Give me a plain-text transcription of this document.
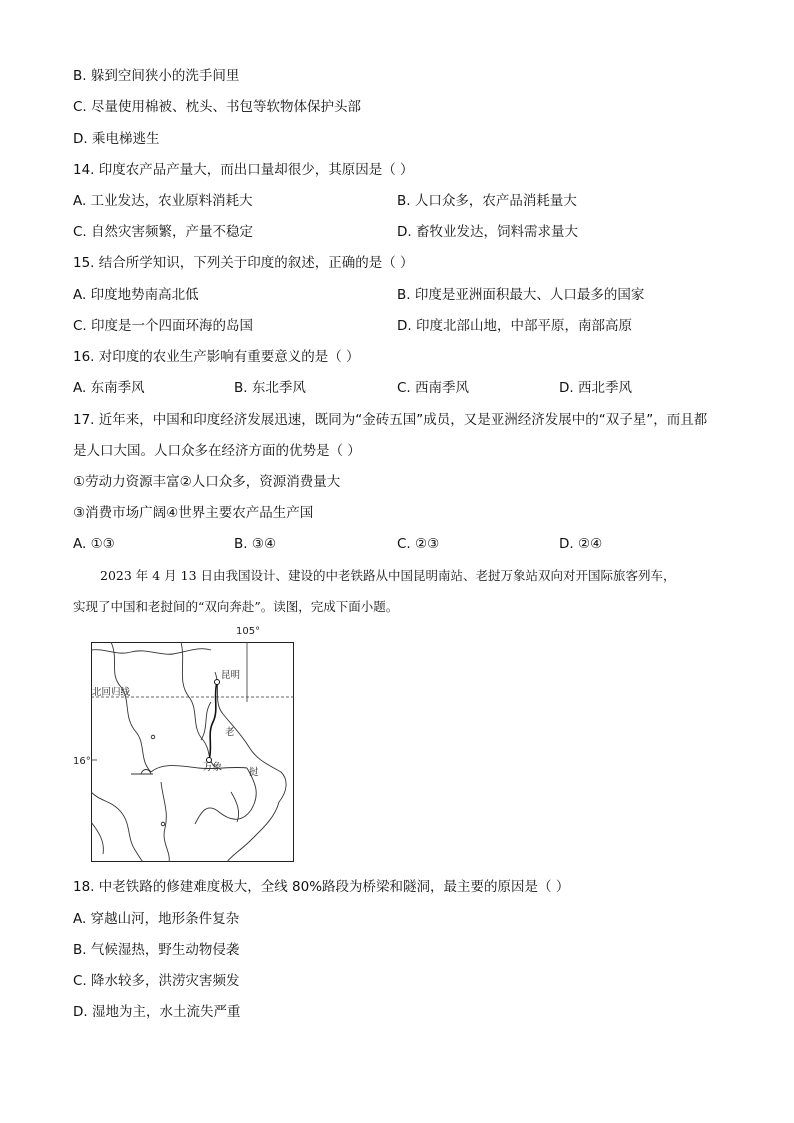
B. 躲到空间狭小的洗手间里
C. 尽量使用棉被、枕头、书包等软物体保护头部
D. 乘电梯逃生
14. 印度农产品产量大，而出口量却很少，其原因是（ ）
A. 工业发达，农业原料消耗大	B. 人口众多，农产品消耗量大
C. 自然灾害频繁，产量不稳定	D. 畜牧业发达，饲料需求量大
15. 结合所学知识，下列关于印度的叙述，正确的是（ ）
A. 印度地势南高北低	B. 印度是亚洲面积最大、人口最多的国家
C. 印度是一个四面环海的岛国	D. 印度北部山地，中部平原，南部高原
16. 对印度的农业生产影响有重要意义的是（ ）
A. 东南季风	B. 东北季风	C. 西南季风	D. 西北季风
17. 近年来，中国和印度经济发展迅速，既同为“金砖五国”成员，又是亚洲经济发展中的“双子星”，而且都
是人口大国。人口众多在经济方面的优势是（ ）
①劳动力资源丰富②人口众多，资源消费量大
③消费市场广阔④世界主要农产品生产国
A. ①③	B. ③④	C. ②③	D. ②④
2023 年 4 月 13 日由我国设计、建设的中老铁路从中国昆明南站、老挝万象站双向对开国际旅客列车，
实现了中国和老挝间的“双向奔赴”。读图，完成下面小题。
105°
16°
昆明
北回归线
老
万象	挝
18. 中老铁路的修建难度极大，全线 80%路段为桥梁和隧洞，最主要的原因是（ ）
A. 穿越山河，地形条件复杂
B. 气候湿热，野生动物侵袭
C. 降水较多，洪涝灾害频发
D. 湿地为主，水土流失严重
